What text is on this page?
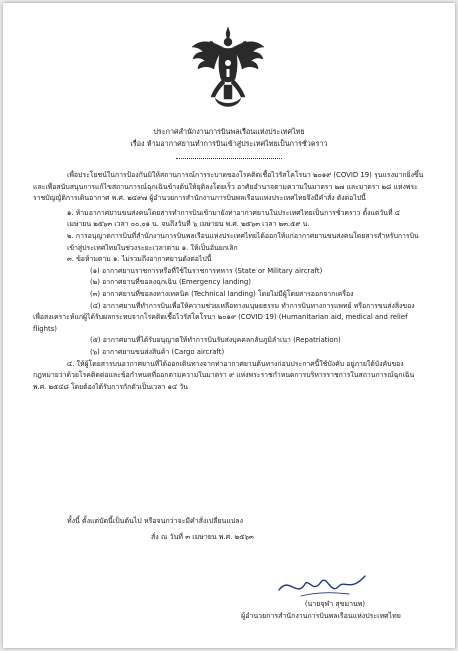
ประกาศสำนักงานการบินพลเรือนแห่งประเทศไทย
เรื่อง ห้ามอากาศยานทำการบินเข้าสู่ประเทศไทยเป็นการชั่วคราว

เพื่อประโยชน์ในการป้องกันมิให้สถานการณ์การระบาดของโรคติดเชื้อไวรัสโคโรนา ๒๐๑๙ (COVID 19) รุนแรงมากยิ่งขึ้น และเพื่อสนับสนุนการแก้ไขสถานการณ์ฉุกเฉินข้างต้นให้ยุติลงโดยเร็ว อาศัยอำนาจตามความในมาตรา ๒๗ และมาตรา ๒๘ แห่งพระราชบัญญัติการเดินอากาศ พ.ศ. ๒๔๙๗ ผู้อำนวยการสำนักงานการบินพลเรือนแห่งประเทศไทยจึงมีคำสั่ง ดังต่อไปนี้

๑. ห้ามอากาศยานขนส่งคนโดยสารทำการบินเข้ามายังท่าอากาศยานในประเทศไทยเป็นการชั่วคราว ตั้งแต่วันที่ ๔ เมษายน ๒๕๖๓ เวลา ๐๐.๐๑ น. จนถึงวันที่ ๖ เมษายน พ.ศ. ๒๕๖๓ เวลา ๒๓.๕๙ น.

๒. การอนุญาตการบินที่สำนักงานการบินพลเรือนแห่งประเทศไทยได้ออกให้แก่อากาศยานขนส่งคนโดยสารสำหรับการบินเข้าสู่ประเทศไทยในช่วงระยะเวลาตาม ๑. ให้เป็นอันยกเลิก

๓. ข้อห้ามตาม ๑. ไม่รวมถึงอากาศยานดังต่อไปนี้

(๑) อากาศยานราชการหรือที่ใช้ในราชการทหาร (State or Military aircraft)

(๒) อากาศยานที่ขอลงฉุกเฉิน (Emergency landing)

(๓) อากาศยานที่ขอลงทางเทคนิค (Technical landing) โดยไม่มีผู้โดยสารออกจากเครื่อง

(๔) อากาศยานที่ทำการบินเพื่อให้ความช่วยเหลือทางมนุษยธรรม ทำการบินทางการแพทย์ หรือการขนส่งสิ่งของเพื่อสงเคราะห์แก่ผู้ได้รับผลกระทบจากโรคติดเชื้อไวรัสโคโรนา ๒๐๑๙ (COVID 19) (Humanitarian aid, medical and relief flights)

(๕) อากาศยานที่ได้รับอนุญาตให้ทำการบินรับส่งบุคคลกลับภูมิลำเนา (Repatriation)

(๖) อากาศยานขนส่งสินค้า (Cargo aircraft)

๔. ให้ผู้โดยสารบนอากาศยานที่ได้ออกเดินทางจากท่าอากาศยานต้นทางก่อนประกาศนี้ใช้บังคับ อยู่ภายใต้บังคับของกฎหมายว่าด้วยโรคติดต่อและข้อกำหนดที่ออกตามความในมาตรา ๙ แห่งพระราชกำหนดการบริหารราชการในสถานการณ์ฉุกเฉิน พ.ศ. ๒๕๔๘ โดยต้องได้รับการกักตัวเป็นเวลา ๑๔ วัน

ทั้งนี้ ตั้งแต่บัดนี้เป็นต้นไป หรือจนกว่าจะมีคำสั่งเปลี่ยนแปลง

สั่ง ณ วันที่ ๓ เมษายน พ.ศ. ๒๕๖๓

(นายจุฬา สุขมานพ)
ผู้อำนวยการสำนักงานการบินพลเรือนแห่งประเทศไทย
